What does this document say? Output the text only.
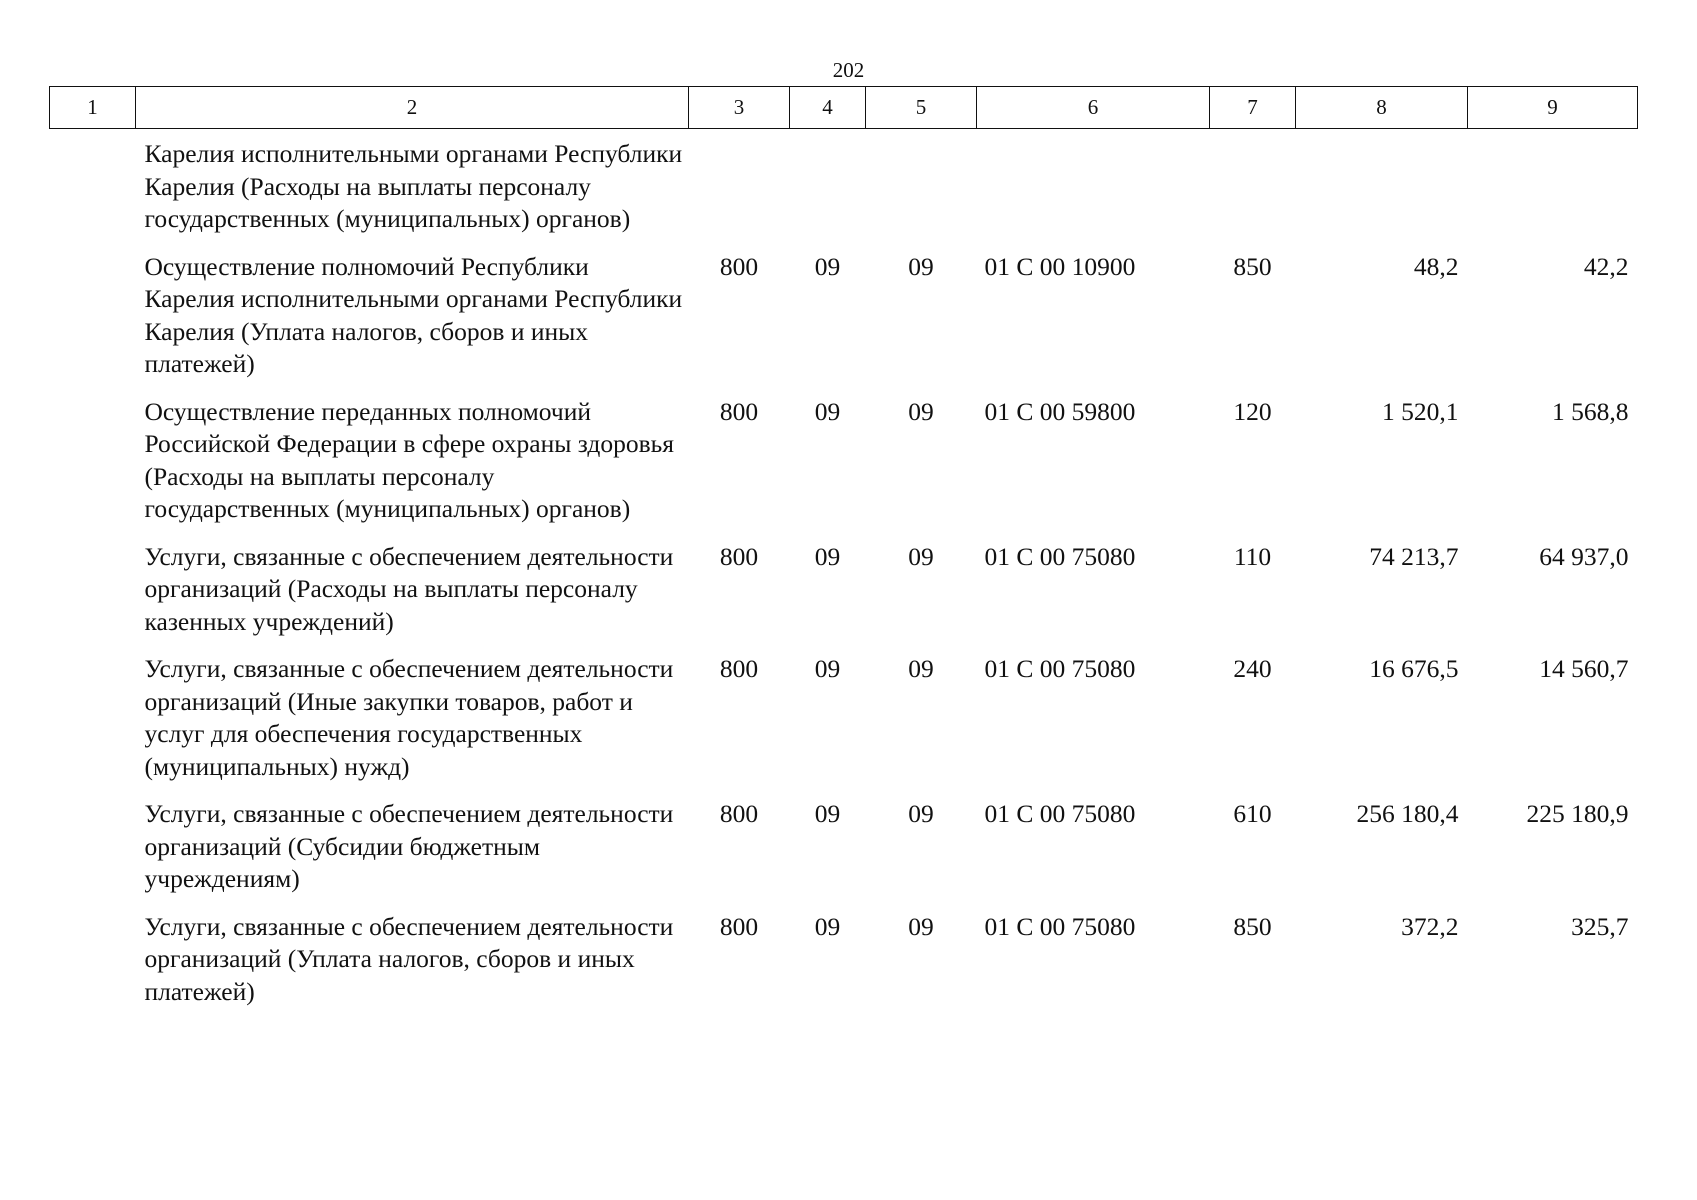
202
1	2	3	4	5	6	7	8	9
	Карелия исполнительными органами Республики Карелия (Расходы на выплаты персоналу государственных (муниципальных) органов)							
	Осуществление полномочий Республики Карелия исполнительными органами Республики Карелия (Уплата налогов, сборов и иных платежей)	800	09	09	01 С 00 10900	850	48,2	42,2
	Осуществление переданных полномочий Российской Федерации в сфере охраны здоровья (Расходы на выплаты персоналу государственных (муниципальных) органов)	800	09	09	01 С 00 59800	120	1 520,1	1 568,8
	Услуги, связанные с обеспечением деятельности организаций (Расходы на выплаты персоналу казенных учреждений)	800	09	09	01 С 00 75080	110	74 213,7	64 937,0
	Услуги, связанные с обеспечением деятельности организаций (Иные закупки товаров, работ и услуг для обеспечения государственных (муниципальных) нужд)	800	09	09	01 С 00 75080	240	16 676,5	14 560,7
	Услуги, связанные с обеспечением деятельности организаций (Субсидии бюджетным учреждениям)	800	09	09	01 С 00 75080	610	256 180,4	225 180,9
	Услуги, связанные с обеспечением деятельности организаций (Уплата налогов, сборов и иных платежей)	800	09	09	01 С 00 75080	850	372,2	325,7
